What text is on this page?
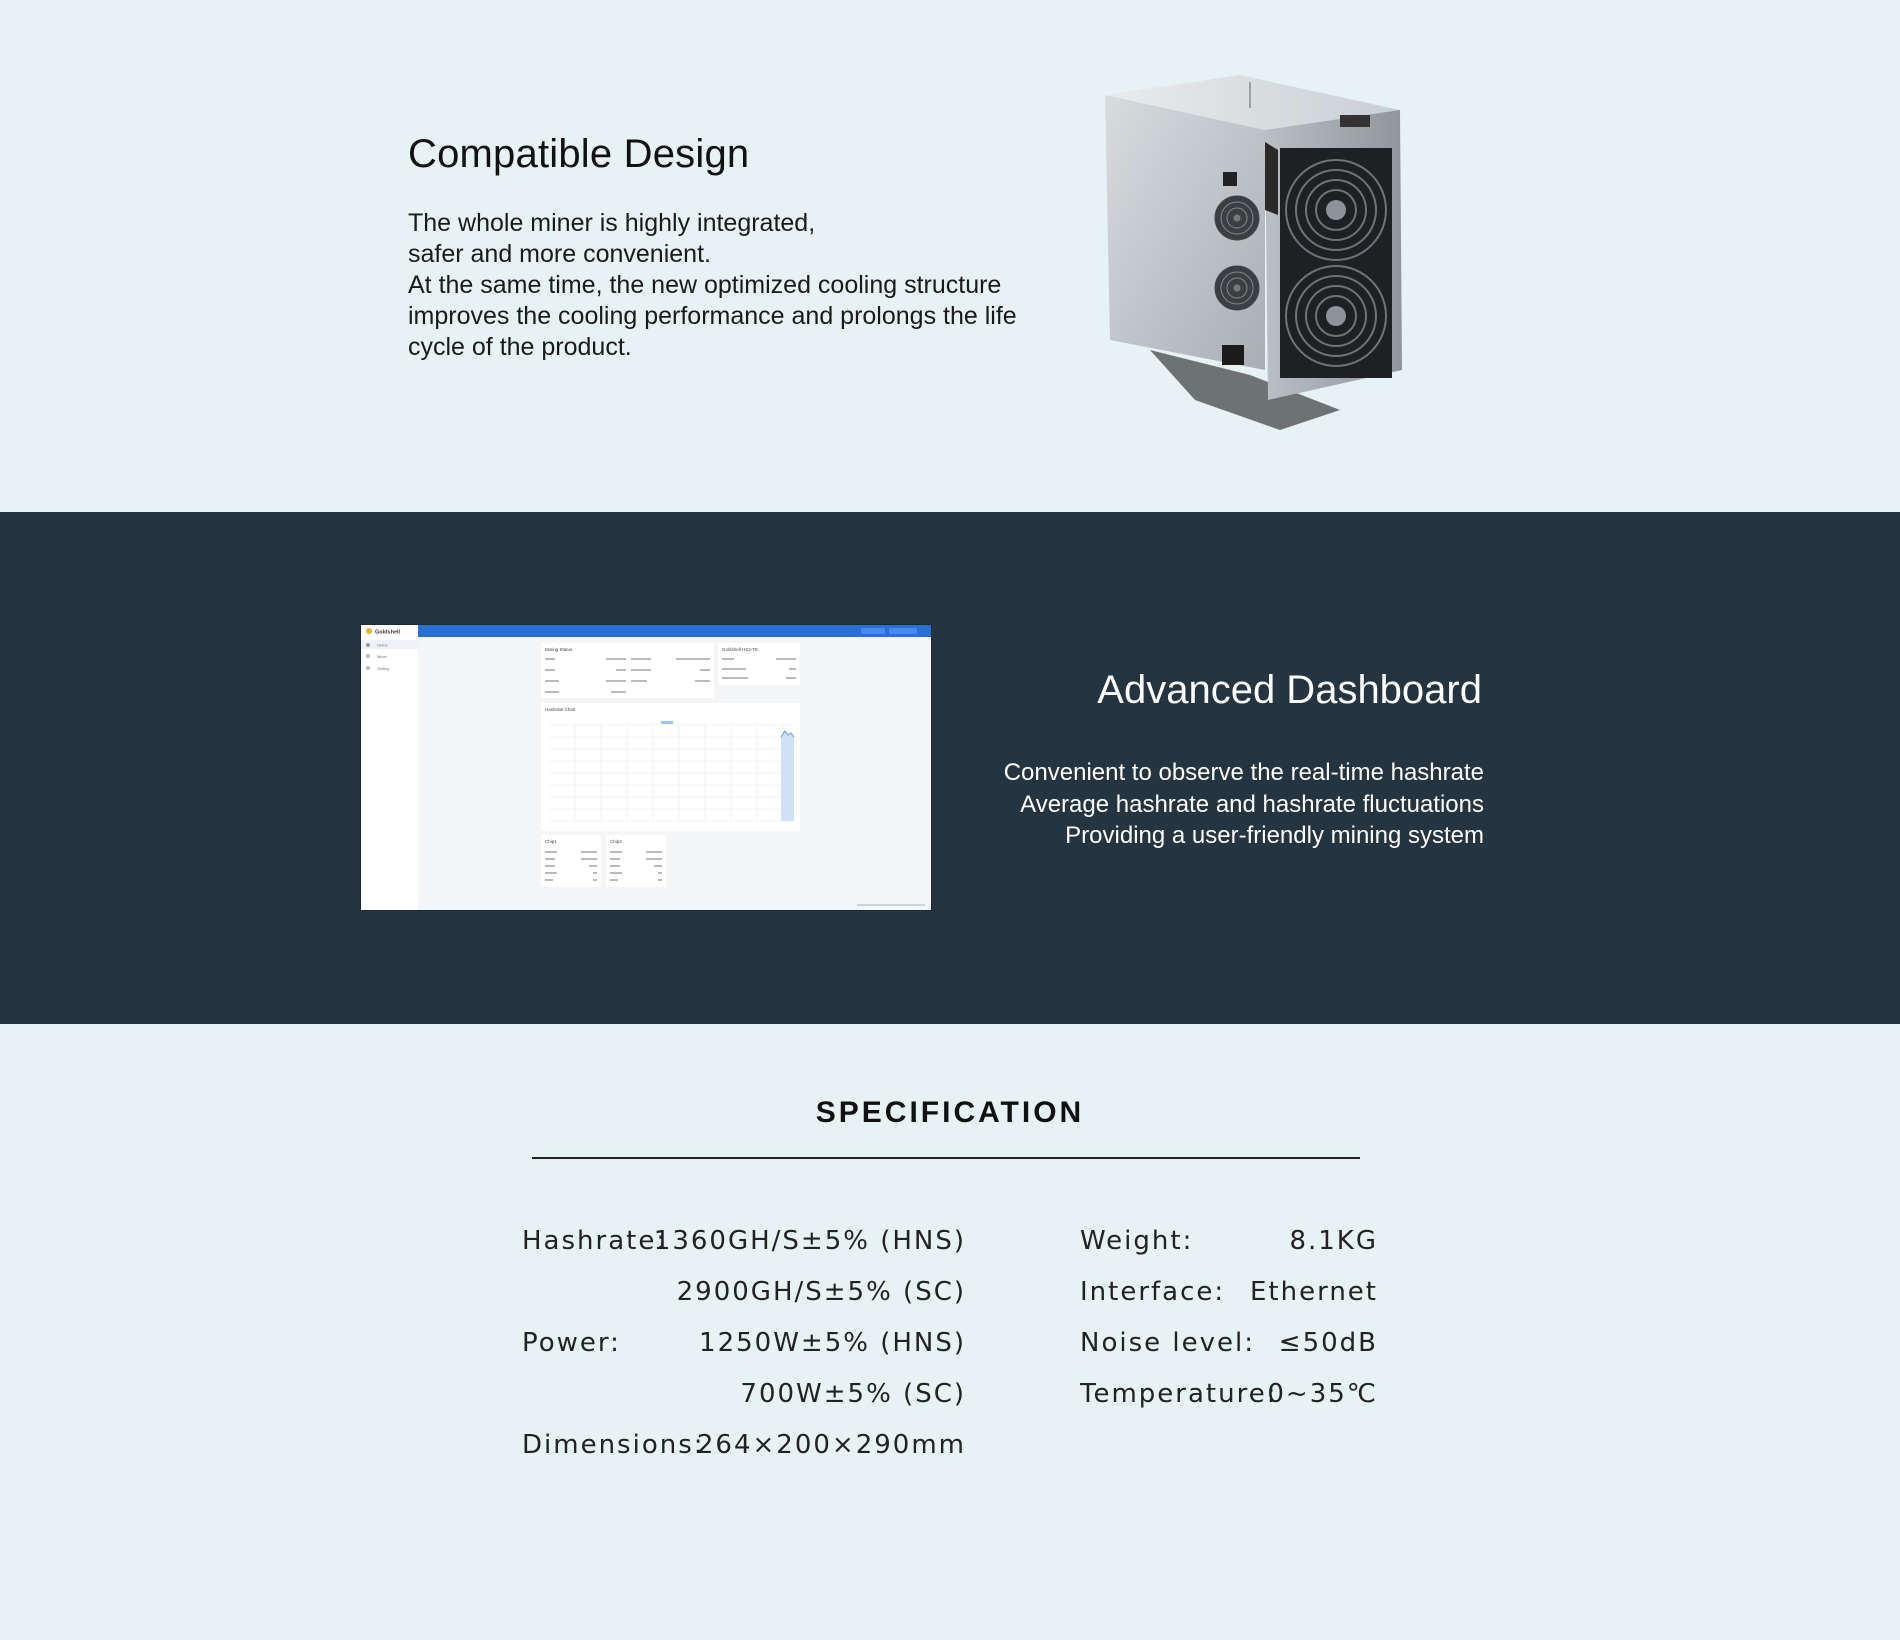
Compatible Design
The whole miner is highly integrated,
safer and more convenient.
At the same time, the new optimized cooling structure
improves the cooling performance and prolongs the life
cycle of the product.
Goldshell
Home
Miner
Setting
Mining Status	Goldshell HS3-TE
Hashrate Chart
Chip1	Chip2
Advanced Dashboard
Convenient to observe the real-time hashrate
Average hashrate and hashrate fluctuations
Providing a user-friendly mining system
SPECIFICATION
Hashrate:
1360GH/S±5% (HNS)
2900GH/S±5% (SC)
Power:	1250W±5% (HNS)
700W±5% (SC)
Dimensions:
264×200×290mm
Weight:	8.1KG
Interface: Ethernet
Noise level: ≤50dB
Temperature:
0~35℃
